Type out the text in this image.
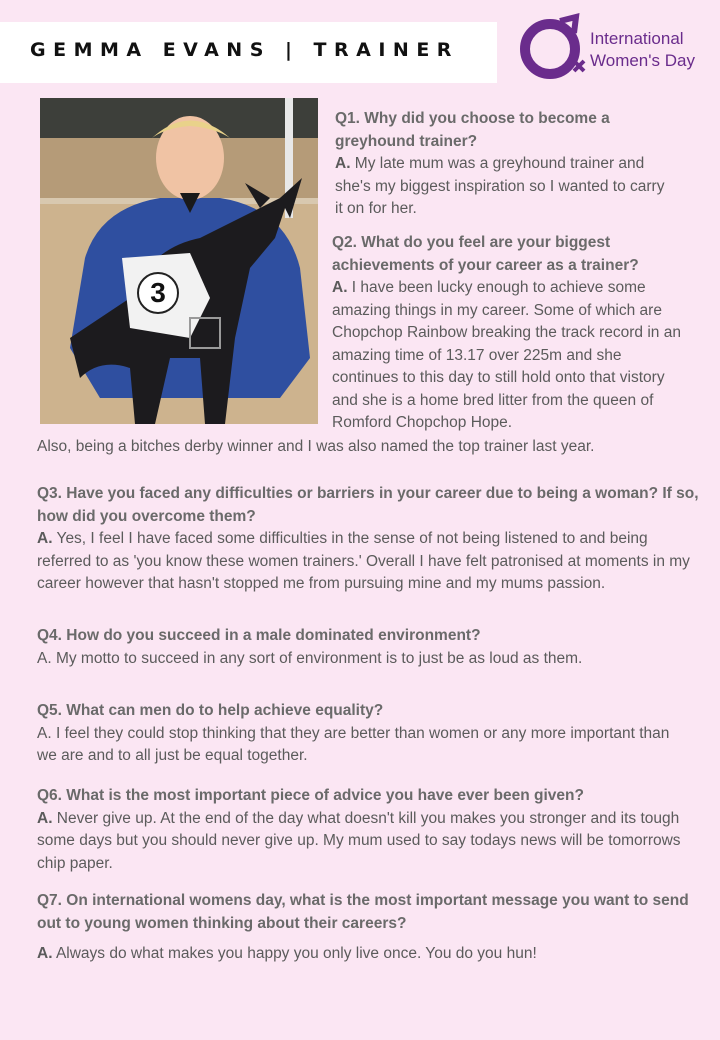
GEMMA EVANS | TRAINER
International
Women's Day
3

Q1. Why did you choose to become a greyhound trainer?

A. My late mum was a greyhound trainer and she's my biggest inspiration so I wanted to carry it on for her.

Q2. What do you feel are your biggest achievements of your career as a trainer?

A. I have been lucky enough to achieve some amazing things in my career. Some of which are Chopchop Rainbow breaking the track record in an amazing time of 13.17 over 225m and she continues to this day to still hold onto that vistory and she is a home bred litter from the queen of Romford Chopchop Hope.

Also, being a bitches derby winner and I was also named the top trainer last year.

Q3. Have you faced any difficulties or barriers in your career due to being a woman? If so, how did you overcome them?

A. Yes, I feel I have faced some difficulties in the sense of not being listened to and being referred to as 'you know these women trainers.' Overall I have felt patronised at moments in my career however that hasn't stopped me from pursuing mine and my mums passion.

Q4. How do you succeed in a male dominated environment?

A. My motto to succeed in any sort of environment is to just be as loud as them.

Q5. What can men do to help achieve equality?

A. I feel they could stop thinking that they are better than women or any more important than we are and to all just be equal together.

Q6. What is the most important piece of advice you have ever been given?

A. Never give up. At the end of the day what doesn't kill you makes you stronger and its tough some days but you should never give up. My mum used to say todays news will be tomorrows chip paper.

Q7. On international womens day, what is the most important message you want to send out to young women thinking about their careers?

A. Always do what makes you happy you only live once. You do you hun!
